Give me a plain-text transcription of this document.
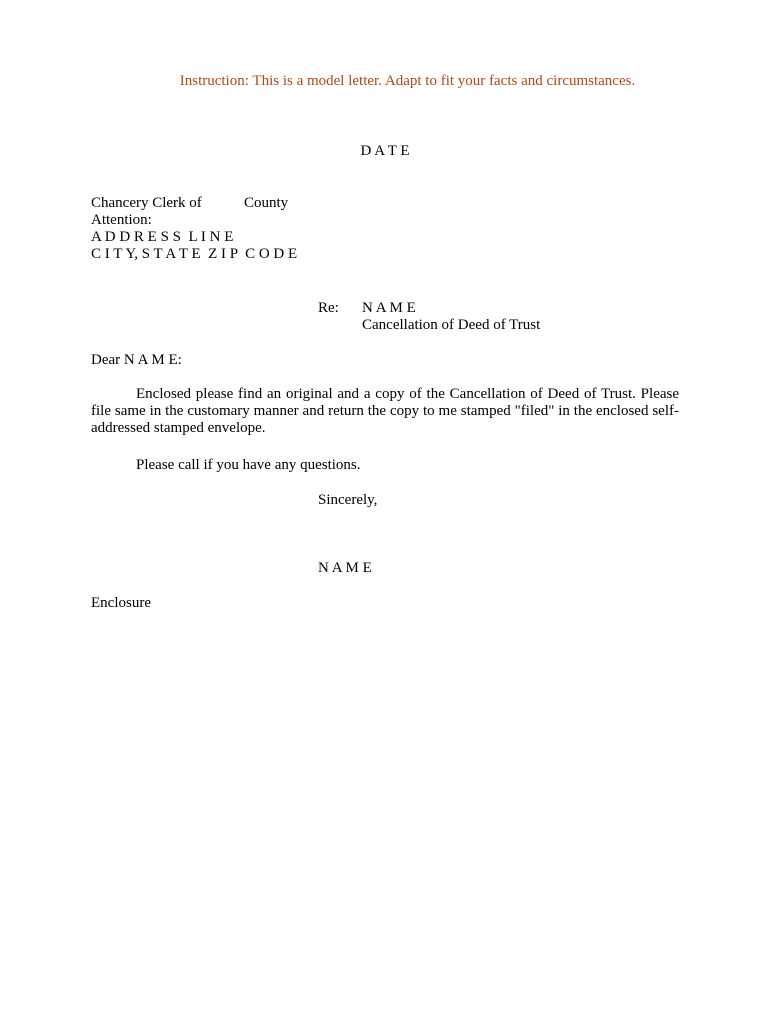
Instruction: This is a model letter. Adapt to fit your facts and circumstances.
D A T E
Chancery Clerk of	County
Attention:
A D D R E S S  L I N E
C I T Y, S T A T E  Z I P  C O D E
Re: N A M E
Cancellation of Deed of Trust
Dear N A M E:
Enclosed please find an original and a copy of the Cancellation of Deed of Trust. Please file same in the customary manner and return the copy to me stamped "filed" in the enclosed self-addressed stamped envelope.
Please call if you have any questions.
Sincerely,
N A M E
Enclosure
